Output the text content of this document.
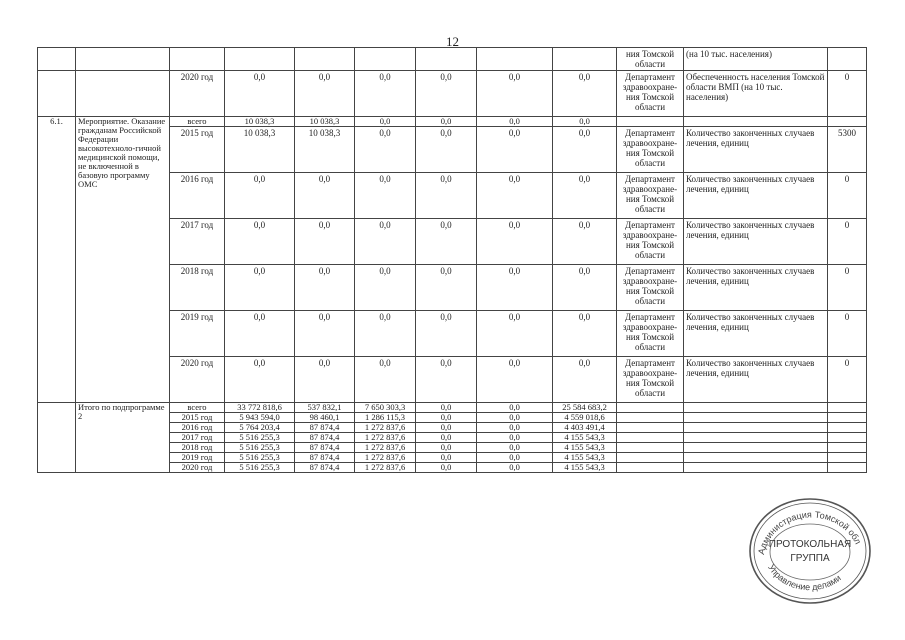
12
									ния Томской области	(на 10 тыс. населения)	
		2020 год	0,0	0,0	0,0	0,0	0,0	0,0	Департамент здравоохране-ния Томской области	Обеспеченность населения Томской области ВМП (на 10 тыс. населения)	0
6.1.	Мероприятие. Оказание гражданам Российской Федерации высокотехноло-гичной медицинской помощи, не включенной в базовую программу ОМС	всего	10 038,3	10 038,3	0,0	0,0	0,0	0,0			
		2015 год	10 038,3	10 038,3	0,0	0,0	0,0	0,0	Департамент здравоохране-ния Томской области	Количество законченных случаев лечения, единиц	5300
		2016 год	0,0	0,0	0,0	0,0	0,0	0,0	Департамент здравоохране-ния Томской области	Количество законченных случаев лечения, единиц	0
		2017 год	0,0	0,0	0,0	0,0	0,0	0,0	Департамент здравоохране-ния Томской области	Количество законченных случаев лечения, единиц	0
		2018 год	0,0	0,0	0,0	0,0	0,0	0,0	Департамент здравоохране-ния Томской области	Количество законченных случаев лечения, единиц	0
		2019 год	0,0	0,0	0,0	0,0	0,0	0,0	Департамент здравоохране-ния Томской области	Количество законченных случаев лечения, единиц	0
		2020 год	0,0	0,0	0,0	0,0	0,0	0,0	Департамент здравоохране-ния Томской области	Количество законченных случаев лечения, единиц	0
	Итого по подпрограмме 2	всего	33 772 818,6	537 832,1	7 650 303,3	0,0	0,0	25 584 683,2			
		2015 год	5 943 594,0	98 460,1	1 286 115,3	0,0	0,0	4 559 018,6			
		2016 год	5 764 203,4	87 874,4	1 272 837,6	0,0	0,0	4 403 491,4			
		2017 год	5 516 255,3	87 874,4	1 272 837,6	0,0	0,0	4 155 543,3			
		2018 год	5 516 255,3	87 874,4	1 272 837,6	0,0	0,0	4 155 543,3			
		2019 год	5 516 255,3	87 874,4	1 272 837,6	0,0	0,0	4 155 543,3			
		2020 год	5 516 255,3	87 874,4	1 272 837,6	0,0	0,0	4 155 543,3			
Администрация Томской обл
Управление делами
ПРОТОКОЛЬНАЯ
ГРУППА
